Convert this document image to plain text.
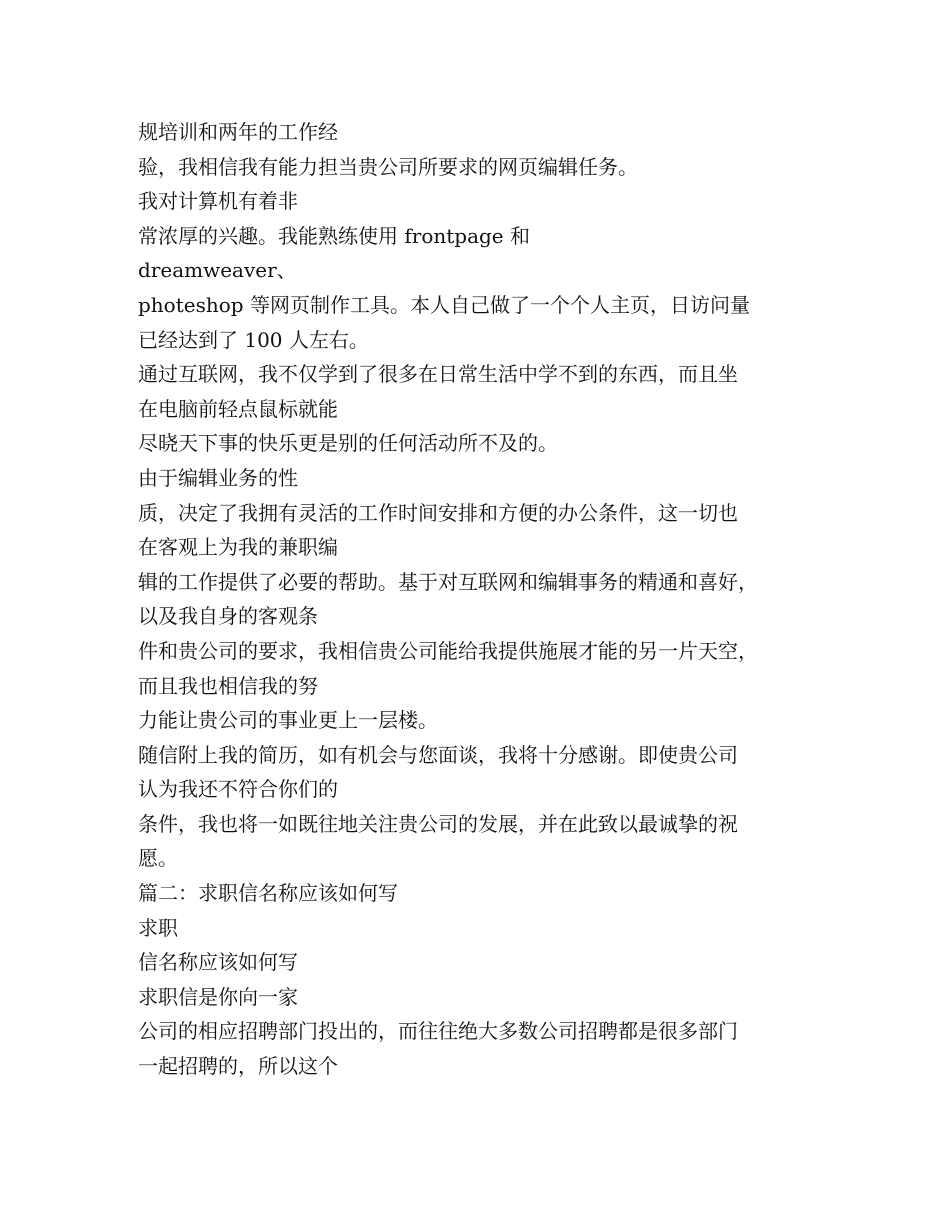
规培训和两年的工作经
验，我相信我有能力担当贵公司所要求的网页编辑任务。
我对计算机有着非
常浓厚的兴趣。我能熟练使用 frontpage 和
dreamweaver、
photeshop 等网页制作工具。本人自己做了一个个人主页，日访问量
已经达到了 100 人左右。
通过互联网，我不仅学到了很多在日常生活中学不到的东西，而且坐
在电脑前轻点鼠标就能
尽晓天下事的快乐更是别的任何活动所不及的。
由于编辑业务的性
质，决定了我拥有灵活的工作时间安排和方便的办公条件，这一切也
在客观上为我的兼职编
辑的工作提供了必要的帮助。基于对互联网和编辑事务的精通和喜好，
以及我自身的客观条
件和贵公司的要求，我相信贵公司能给我提供施展才能的另一片天空，
而且我也相信我的努
力能让贵公司的事业更上一层楼。
随信附上我的简历，如有机会与您面谈，我将十分感谢。即使贵公司
认为我还不符合你们的
条件，我也将一如既往地关注贵公司的发展，并在此致以最诚挚的祝
愿。
篇二：求职信名称应该如何写
求职
信名称应该如何写
求职信是你向一家
公司的相应招聘部门投出的，而往往绝大多数公司招聘都是很多部门
一起招聘的，所以这个
